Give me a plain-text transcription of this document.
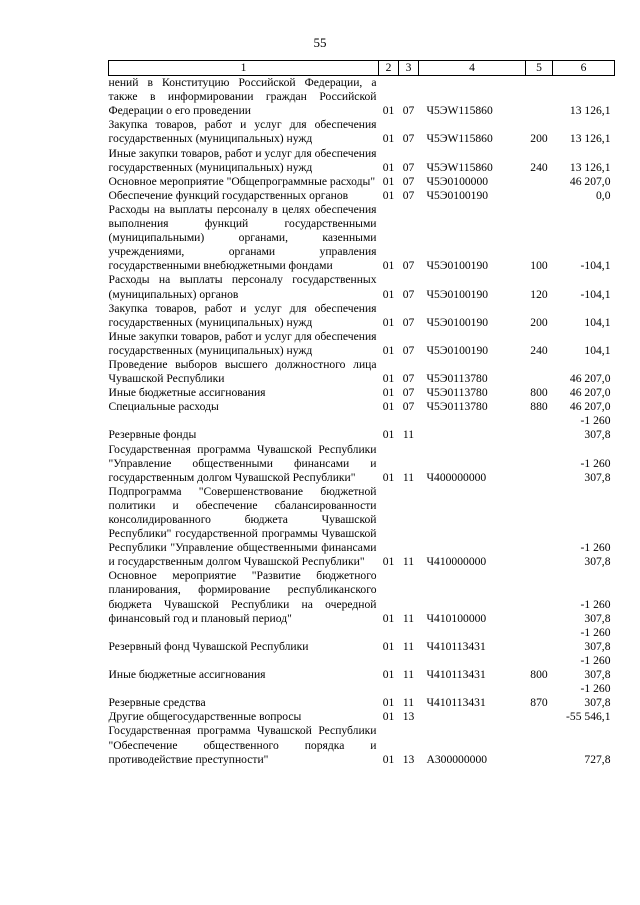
55
1	2	3	4	5	6
нений в Конституцию Российской Федерации, а также в информировании граждан Российской Федерации о его проведении	01	07	Ч5ЭW115860		13 126,1
Закупка товаров, работ и услуг для обеспечения государственных (муниципальных) нужд	01	07	Ч5ЭW115860	200	13 126,1
Иные закупки товаров, работ и услуг для обеспечения государственных (муниципальных) нужд	01	07	Ч5ЭW115860	240	13 126,1
Основное мероприятие "Общепрограммные расходы"	01	07	Ч5Э0100000		46 207,0
Обеспечение функций государственных органов	01	07	Ч5Э0100190		0,0
Расходы на выплаты персоналу в целях обеспечения выполнения функций государственными (муниципальными) органами, казенными учреждениями, органами управления государственными внебюджетными фондами	01	07	Ч5Э0100190	100	-104,1
Расходы на выплаты персоналу государственных (муниципальных) органов	01	07	Ч5Э0100190	120	-104,1
Закупка товаров, работ и услуг для обеспечения государственных (муниципальных) нужд	01	07	Ч5Э0100190	200	104,1
Иные закупки товаров, работ и услуг для обеспечения государственных (муниципальных) нужд	01	07	Ч5Э0100190	240	104,1
Проведение выборов высшего должностного лица Чувашской Республики	01	07	Ч5Э0113780		46 207,0
Иные бюджетные ассигнования	01	07	Ч5Э0113780	800	46 207,0
Специальные расходы	01	07	Ч5Э0113780	880	46 207,0
Резервные фонды	01	11			-1 260 307,8
Государственная программа Чувашской Республики "Управление общественными финансами и государственным долгом Чувашской Республики"	01	11	Ч400000000		-1 260 307,8
Подпрограмма "Совершенствование бюджетной политики и обеспечение сбалансированности консолидированного бюджета Чувашской Республики" государственной программы Чувашской Республики "Управление общественными финансами и государственным долгом Чувашской Республики"	01	11	Ч410000000		-1 260 307,8
Основное мероприятие "Развитие бюджетного планирования, формирование республиканского бюджета Чувашской Республики на очередной финансовый год и плановый период"	01	11	Ч410100000		-1 260 307,8
Резервный фонд Чувашской Республики	01	11	Ч410113431		-1 260 307,8
Иные бюджетные ассигнования	01	11	Ч410113431	800	-1 260 307,8
Резервные средства	01	11	Ч410113431	870	-1 260 307,8
Другие общегосударственные вопросы	01	13			-55 546,1
Государственная программа Чувашской Республики "Обеспечение общественного порядка и противодействие преступности"	01	13	А300000000		727,8
